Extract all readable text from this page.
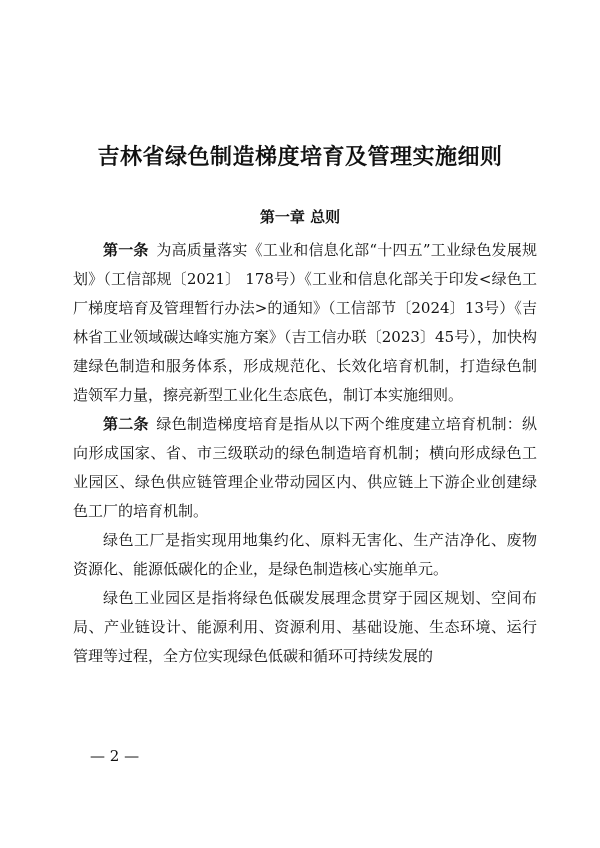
吉林省绿色制造梯度培育及管理实施细则
第一章 总则

第一条  为高质量落实《工业和信息化部“十四五”工业绿色发展规划》（工信部规〔2021〕 178号）《工业和信息化部关于印发<绿色工厂梯度培育及管理暂行办法>的通知》（工信部节〔2024〕13号）《吉林省工业领域碳达峰实施方案》（吉工信办联〔2023〕45号），加快构建绿色制造和服务体系，形成规范化、长效化培育机制，打造绿色制造领军力量，擦亮新型工业化生态底色，制订本实施细则。

第二条  绿色制造梯度培育是指从以下两个维度建立培育机制：纵向形成国家、省、市三级联动的绿色制造培育机制；横向形成绿色工业园区、绿色供应链管理企业带动园区内、供应链上下游企业创建绿色工厂的培育机制。

绿色工厂是指实现用地集约化、原料无害化、生产洁净化、废物资源化、能源低碳化的企业，是绿色制造核心实施单元。

绿色工业园区是指将绿色低碳发展理念贯穿于园区规划、空间布局、产业链设计、能源利用、资源利用、基础设施、生态环境、运行管理等过程，全方位实现绿色低碳和循环可持续发展的

— 2 —
